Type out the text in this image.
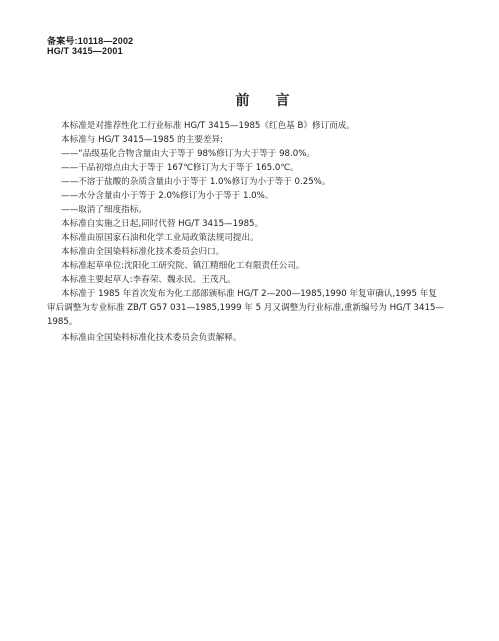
备案号:10118—2002
HG/T 3415—2001
前言
本标准是对推荐性化工行业标准 HG/T 3415—1985《红色基 B》修订而成。
本标准与 HG/T 3415—1985 的主要差异:
——“品级基化合物含量由大于等于 98%修订为大于等于 98.0%。
——干品初熔点由大于等于 167℃修订为大于等于 165.0℃。
——不溶于盐酸的杂质含量由小于等于 1.0%修订为小于等于 0.25%。
——水分含量由小于等于 2.0%修订为小于等于 1.0%。
——取消了细度指标。
本标准自实施之日起,同时代替 HG/T 3415—1985。
本标准由原国家石油和化学工业局政策法规司提出。
本标准由全国染料标准化技术委员会归口。
本标准起草单位:沈阳化工研究院、镇江精细化工有限责任公司。
本标准主要起草人:李春荣、魏永民、王茂凡。
本标准于 1985 年首次发布为化工部部颁标准 HG/T 2—200—1985,1990 年复审确认,1995 年复
审后调整为专业标准 ZB/T G57 031—1985,1999 年 5 月又调整为行业标准,重新编号为 HG/T 3415—
1985。
本标准由全国染料标准化技术委员会负责解释。
